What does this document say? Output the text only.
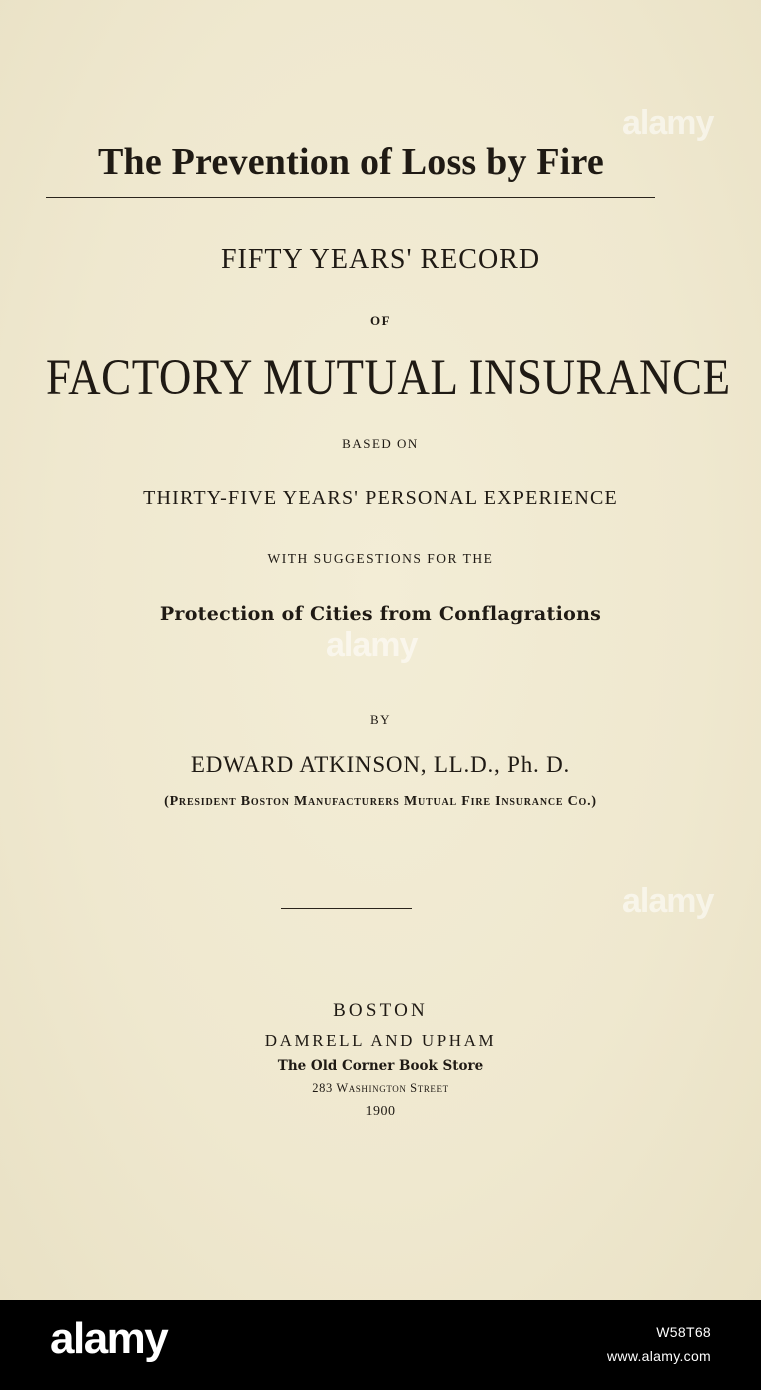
alamy
alamy
alamy
The Prevention of Loss by Fire
FIFTY YEARS' RECORD
OF
FACTORY MUTUAL INSURANCE
BASED ON
THIRTY-FIVE YEARS' PERSONAL EXPERIENCE
WITH SUGGESTIONS FOR THE
Protection of Cities from Conflagrations
BY
EDWARD ATKINSON, LL.D., Ph. D.
(President Boston Manufacturers Mutual Fire Insurance Co.)
BOSTON
DAMRELL AND UPHAM
The Old Corner Book Store
283 Washington Street
1900
alamy	W58T68
www.alamy.com
